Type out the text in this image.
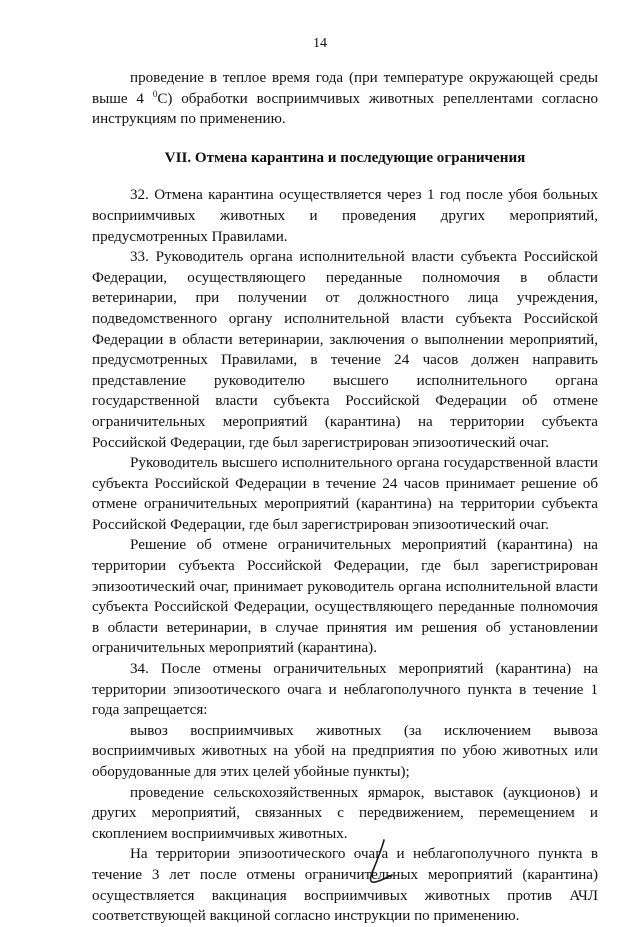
14

проведение в теплое время года (при температуре окружающей среды выше 4 $^0$С) обработки восприимчивых животных репеллентами согласно инструкциям по применению.

VII. Отмена карантина и последующие ограничения

32. Отмена карантина осуществляется через 1 год после убоя больных восприимчивых животных и проведения других мероприятий, предусмотренных Правилами.

33. Руководитель органа исполнительной власти субъекта Российской Федерации, осуществляющего переданные полномочия в области ветеринарии, при получении от должностного лица учреждения, подведомственного органу исполнительной власти субъекта Российской Федерации в области ветеринарии, заключения о выполнении мероприятий, предусмотренных Правилами, в течение 24 часов должен направить представление руководителю высшего исполнительного органа государственной власти субъекта Российской Федерации об отмене ограничительных мероприятий (карантина) на территории субъекта Российской Федерации, где был зарегистрирован эпизоотический очаг.

Руководитель высшего исполнительного органа государственной власти субъекта Российской Федерации в течение 24 часов принимает решение об отмене ограничительных мероприятий (карантина) на территории субъекта Российской Федерации, где был зарегистрирован эпизоотический очаг.

Решение об отмене ограничительных мероприятий (карантина) на территории субъекта Российской Федерации, где был зарегистрирован эпизоотический очаг, принимает руководитель органа исполнительной власти субъекта Российской Федерации, осуществляющего переданные полномочия в области ветеринарии, в случае принятия им решения об установлении ограничительных мероприятий (карантина).

34. После отмены ограничительных мероприятий (карантина) на территории эпизоотического очага и неблагополучного пункта в течение 1 года запрещается:

вывоз восприимчивых животных (за исключением вывоза восприимчивых животных на убой на предприятия по убою животных или оборудованные для этих целей убойные пункты);

проведение сельскохозяйственных ярмарок, выставок (аукционов) и других мероприятий, связанных с передвижением, перемещением и скоплением восприимчивых животных.

На территории эпизоотического очага и неблагополучного пункта в течение 3 лет после отмены ограничительных мероприятий (карантина) осуществляется вакцинация восприимчивых животных против АЧЛ соответствующей вакциной согласно инструкции по применению.
